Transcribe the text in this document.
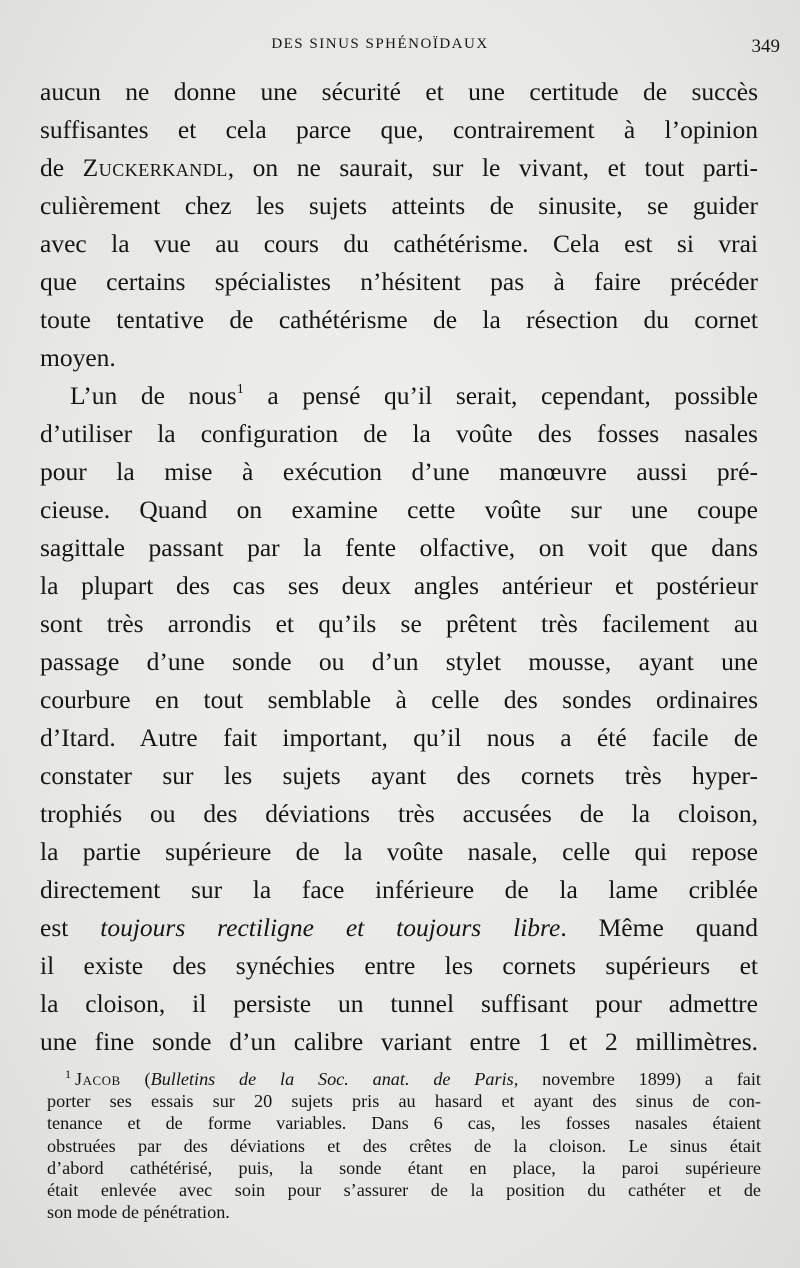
DES SINUS SPHÉNOÏDAUX	349

aucun ne donne une sécurité et une certitude de succès
suffisantes et cela parce que, contrairement à l’opinion
de Zuckerkandl, on ne saurait, sur le vivant, et tout parti-
culièrement chez les sujets atteints de sinusite, se guider
avec la vue au cours du cathétérisme. Cela est si vrai
que certains spécialistes n’hésitent pas à faire précéder
toute tentative de cathétérisme de la résection du cornet
moyen.

L’un de nous$^1$ a pensé qu’il serait, cependant, possible
d’utiliser la configuration de la voûte des fosses nasales
pour la mise à exécution d’une manœuvre aussi pré-
cieuse. Quand on examine cette voûte sur une coupe
sagittale passant par la fente olfactive, on voit que dans
la plupart des cas ses deux angles antérieur et postérieur
sont très arrondis et qu’ils se prêtent très facilement au
passage d’une sonde ou d’un stylet mousse, ayant une
courbure en tout semblable à celle des sondes ordinaires
d’Itard. Autre fait important, qu’il nous a été facile de
constater sur les sujets ayant des cornets très hyper-
trophiés ou des déviations très accusées de la cloison,
la partie supérieure de la voûte nasale, celle qui repose
directement sur la face inférieure de la lame criblée
est toujours rectiligne et toujours libre. Même quand
il existe des synéchies entre les cornets supérieurs et
la cloison, il persiste un tunnel suffisant pour admettre
une fine sonde d’un calibre variant entre 1 et 2 millimètres.

$^1$ Jacob (Bulletins de la Soc. anat. de Paris, novembre 1899) a fait
porter ses essais sur 20 sujets pris au hasard et ayant des sinus de con-
tenance et de forme variables. Dans 6 cas, les fosses nasales étaient
obstruées par des déviations et des crêtes de la cloison. Le sinus était
d’abord cathétérisé, puis, la sonde étant en place, la paroi supérieure
était enlevée avec soin pour s’assurer de la position du cathéter et de
son mode de pénétration.
